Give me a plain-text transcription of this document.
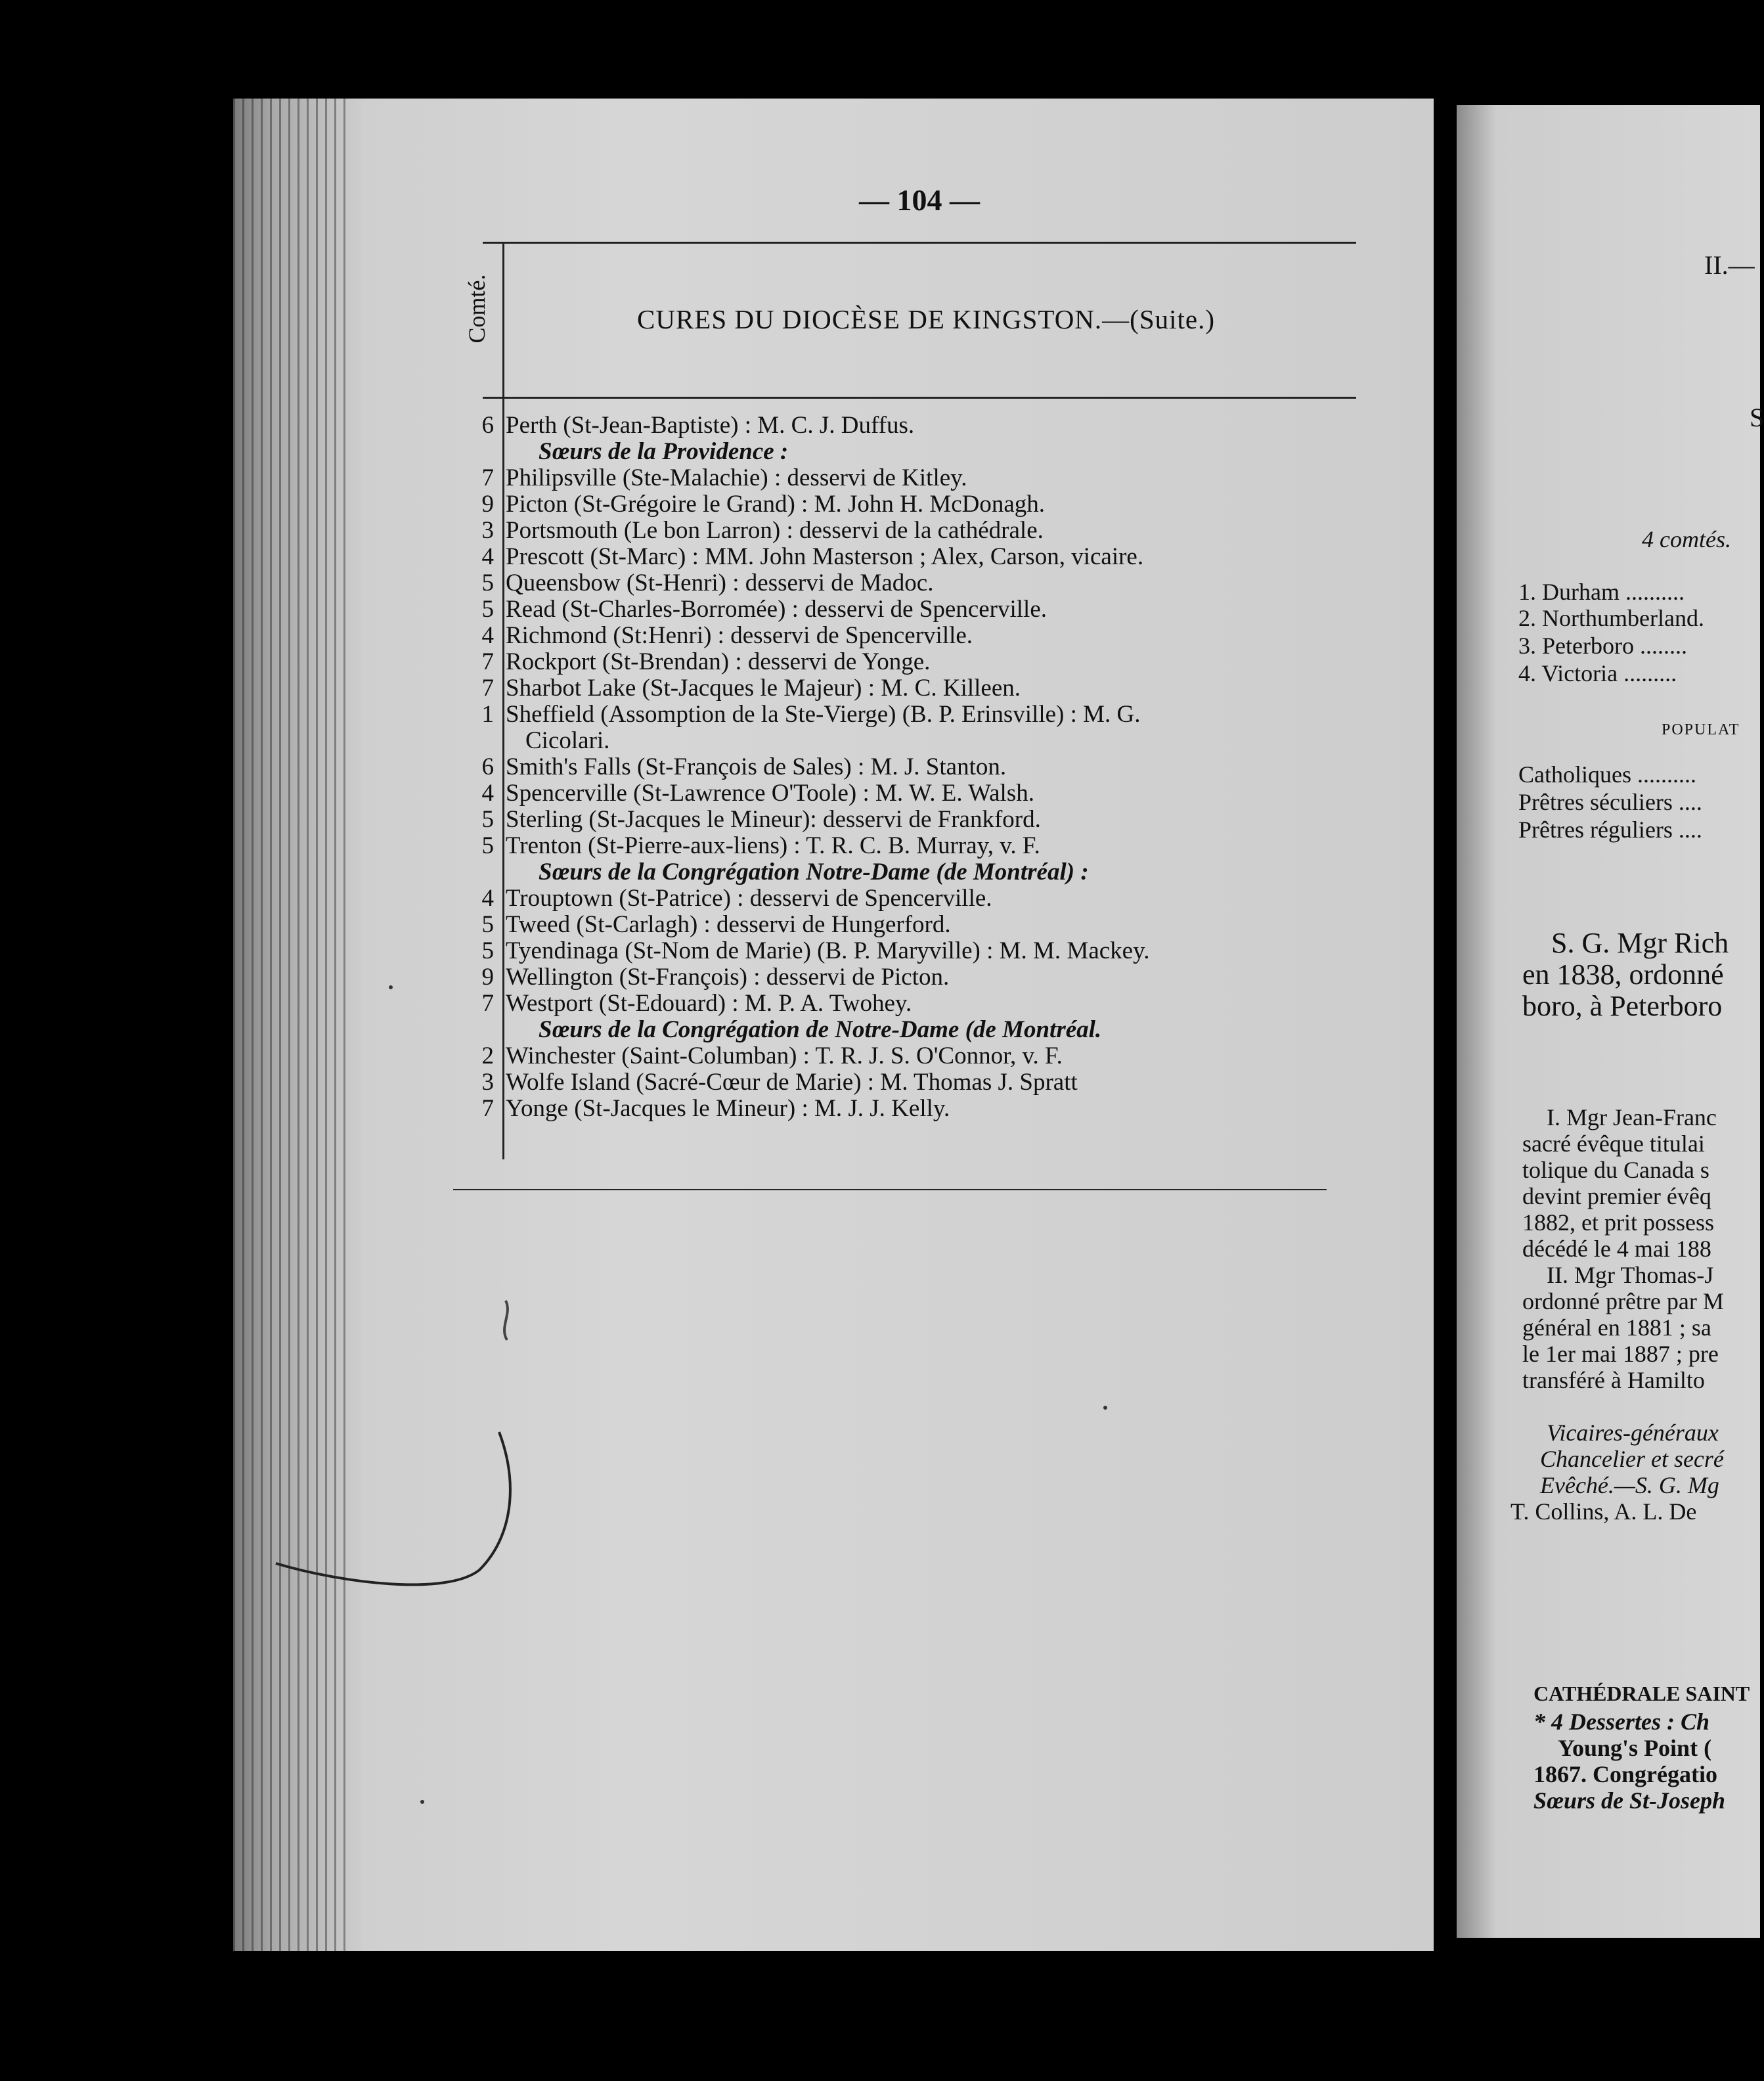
— 104 —
Comté.	CURES DU DIOCÈSE DE KINGSTON.—(Suite.)
6 Perth (St-Jean-Baptiste) : M. C. J. Duffus.
Sœurs de la Providence :
7 Philipsville (Ste-Malachie) : desservi de Kitley.
9 Picton (St-Grégoire le Grand) : M. John H. McDonagh.
3 Portsmouth (Le bon Larron) : desservi de la cathédrale.
4 Prescott (St-Marc) : MM. John Masterson ; Alex, Carson, vicaire.
5 Queensbow (St-Henri) : desservi de Madoc.
5 Read (St-Charles-Borromée) : desservi de Spencerville.
4 Richmond (St:Henri) : desservi de Spencerville.
7 Rockport (St-Brendan) : desservi de Yonge.
7 Sharbot Lake (St-Jacques le Majeur) : M. C. Killeen.
1 Sheffield (Assomption de la Ste-Vierge) (B. P. Erinsville) : M. G.
Cicolari.
6 Smith's Falls (St-François de Sales) : M. J. Stanton.
4 Spencerville (St-Lawrence O'Toole) : M. W. E. Walsh.
5 Sterling (St-Jacques le Mineur): desservi de Frankford.
5 Trenton (St-Pierre-aux-liens) : T. R. C. B. Murray, v. F.
Sœurs de la Congrégation Notre-Dame (de Montréal) :
4 Trouptown (St-Patrice) : desservi de Spencerville.
5 Tweed (St-Carlagh) : desservi de Hungerford.
5 Tyendinaga (St-Nom de Marie) (B. P. Maryville) : M. M. Mackey.
9 Wellington (St-François) : desservi de Picton.
7 Westport (St-Edouard) : M. P. A. Twohey.
Sœurs de la Congrégation de Notre-Dame (de Montréal.
2 Winchester (Saint-Columban) : T. R. J. S. O'Connor, v. F.
3 Wolfe Island (Sacré-Cœur de Marie) : M. Thomas J. Spratt
7 Yonge (St-Jacques le Mineur) : M. J. J. Kelly.
II.—
S
4 comtés.
1. Durham ..........
2. Northumberland.
3. Peterboro ........
4. Victoria .........
POPULAT
Catholiques ..........
Prêtres séculiers ....
Prêtres réguliers ....
S. G. Mgr Rich
en 1838, ordonné
boro, à Peterboro
I. Mgr Jean-Franc
sacré évêque titulai
tolique du Canada s
devint premier évêq
1882, et prit possess
décédé le 4 mai 188
II. Mgr Thomas-J
ordonné prêtre par M
général en 1881 ; sa
le 1er mai 1887 ; pre
transféré à Hamilto
Vicaires-généraux
Chancelier et secré
Evêché.—S. G. Mg
T. Collins, A. L. De
CATHÉDRALE SAINT
* 4 Dessertes : Ch
Young's Point (
1867. Congrégatio
Sœurs de St-Joseph
